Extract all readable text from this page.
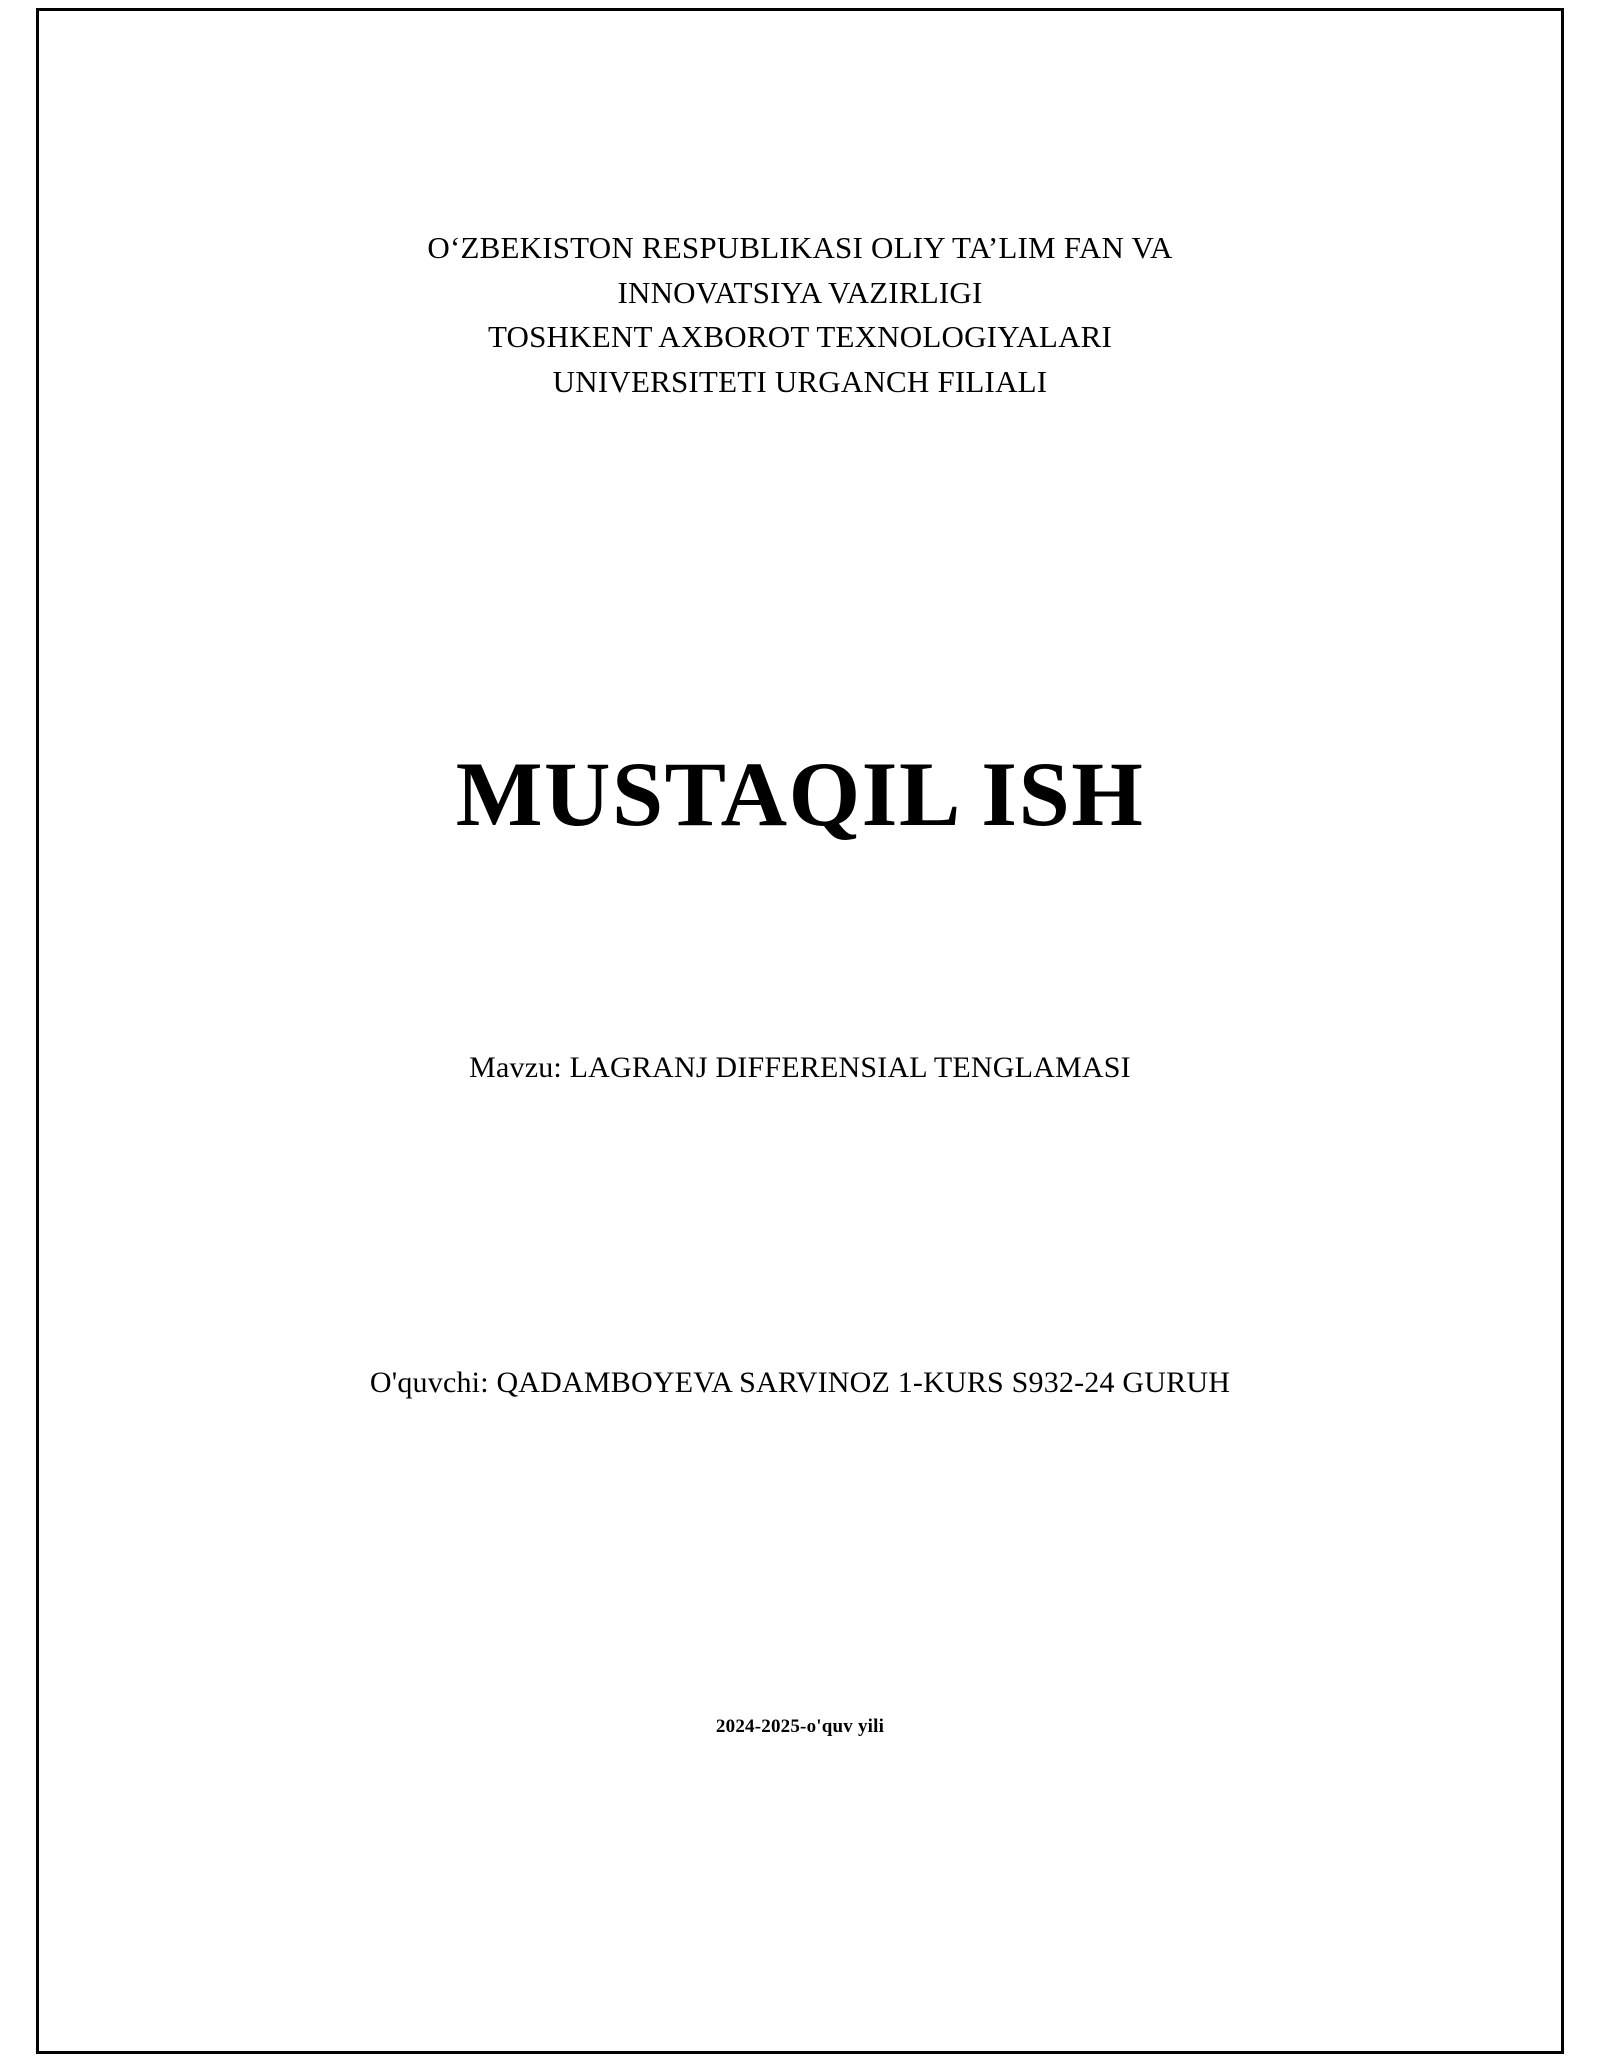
O‘ZBEKISTON RESPUBLIKASI OLIY TA’LIM FAN VA
INNOVATSIYA VAZIRLIGI
TOSHKENT AXBOROT TEXNOLOGIYALARI
UNIVERSITETI URGANCH FILIALI
MUSTAQIL ISH
Mavzu: LAGRANJ DIFFERENSIAL TENGLAMASI
O'quvchi: QADAMBOYEVA SARVINOZ 1-KURS S932-24 GURUH
2024-2025-o'quv yili
